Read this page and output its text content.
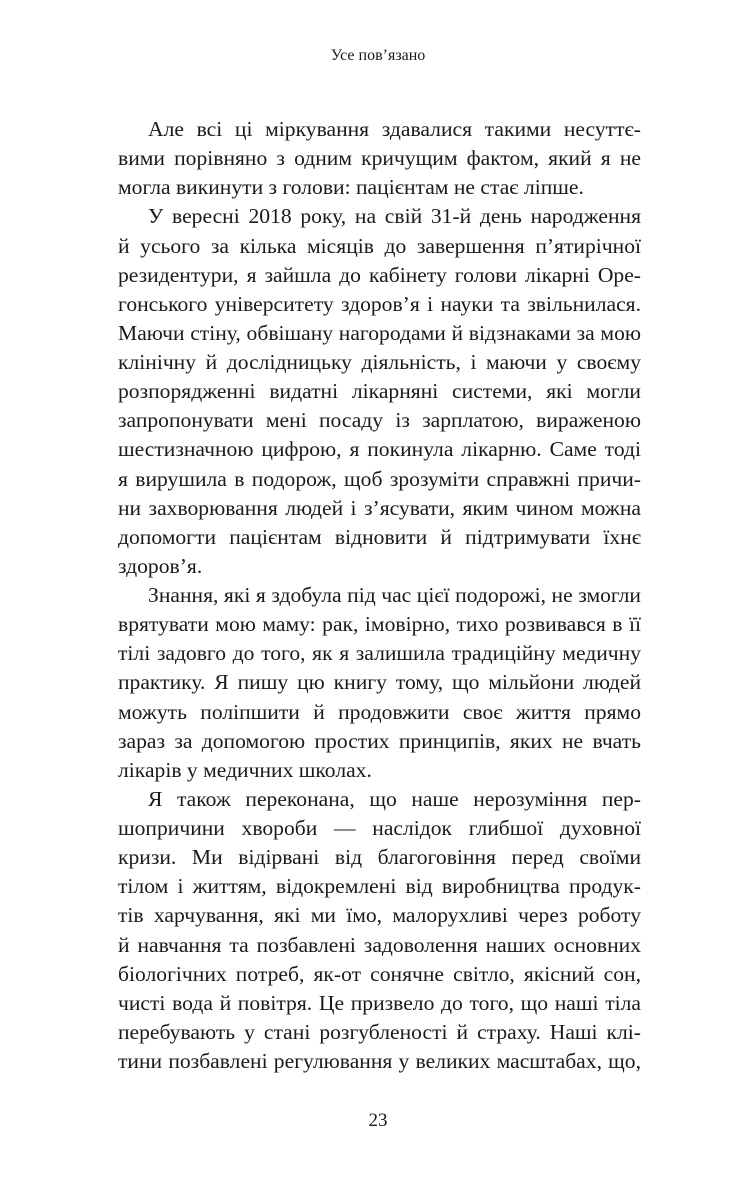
Усе пов’язано
Але всі ці міркування здавалися такими несуттє-
вими порівняно з одним кричущим фактом, який я не
могла викинути з голови: пацієнтам не стає ліпше.
У вересні 2018 року, на свій 31-й день народження
й усього за кілька місяців до завершення п’ятирічної
резидентури, я зайшла до кабінету голови лікарні Оре-
гонського університету здоров’я і науки та звільнилася.
Маючи стіну, обвішану нагородами й відзнаками за мою
клінічну й дослідницьку діяльність, і маючи у своєму
розпорядженні видатні лікарняні системи, які могли
запропонувати мені посаду із зарплатою, вираженою
шестизначною цифрою, я покинула лікарню. Саме тоді
я вирушила в подорож, щоб зрозуміти справжні причи-
ни захворювання людей і з’ясувати, яким чином можна
допомогти пацієнтам відновити й підтримувати їхнє
здоров’я.
Знання, які я здобула під час цієї подорожі, не змогли
врятувати мою маму: рак, імовірно, тихо розвивався в її
тілі задовго до того, як я залишила традиційну медичну
практику. Я пишу цю книгу тому, що мільйони людей
можуть поліпшити й продовжити своє життя прямо
зараз за допомогою простих принципів, яких не вчать
лікарів у медичних школах.
Я також переконана, що наше нерозуміння пер-
шопричини хвороби — наслідок глибшої духовної
кризи. Ми відірвані від благоговіння перед своїми
тілом і життям, відокремлені від виробництва продук-
тів харчування, які ми їмо, малорухливі через роботу
й навчання та позбавлені задоволення наших основних
біологічних потреб, як-от сонячне світло, якісний сон,
чисті вода й повітря. Це призвело до того, що наші тіла
перебувають у стані розгубленості й страху. Наші клі-
тини позбавлені регулювання у великих масштабах, що,
23
